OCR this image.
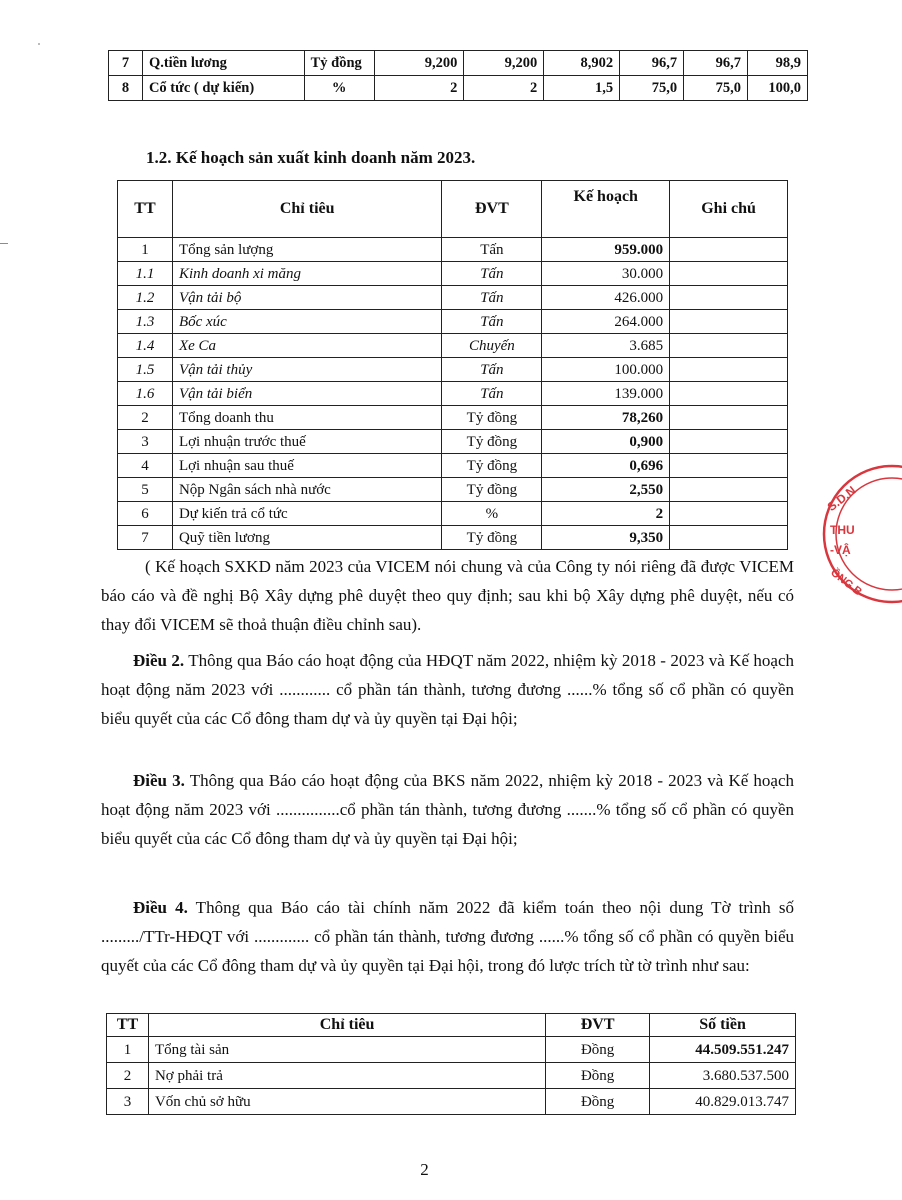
7	Q.tiền lương	Tỷ đồng	9,200	9,200	8,902	96,7	96,7	98,9
8	Cổ tức ( dự kiến)	%	2	2	1,5	75,0	75,0	100,0
1.2. Kế hoạch sản xuất kinh doanh năm 2023.
TT	Chỉ tiêu	ĐVT	Kế hoạch	Ghi chú
1	Tổng sản lượng	Tấn	959.000	
1.1	Kinh doanh xi măng	Tấn	30.000	
1.2	Vận tải bộ	Tấn	426.000	
1.3	Bốc xúc	Tấn	264.000	
1.4	Xe Ca	Chuyến	3.685	
1.5	Vận tải thủy	Tấn	100.000	
1.6	Vận tải biển	Tấn	139.000	
2	Tổng doanh thu	Tỷ đồng	78,260	
3	Lợi nhuận trước thuế	Tỷ đồng	0,900	
4	Lợi nhuận sau thuế	Tỷ đồng	0,696	
5	Nộp Ngân sách nhà nước	Tỷ đồng	2,550	
6	Dự kiến trả cổ tức	%	2	
7	Quỹ tiền lương	Tỷ đồng	9,350	
( Kế hoạch SXKD năm 2023 của VICEM nói chung và của Công ty nói riêng đã được VICEM báo cáo và đề nghị Bộ Xây dựng phê duyệt theo quy định; sau khi bộ Xây dựng phê duyệt, nếu có thay đổi VICEM sẽ thoả thuận điều chỉnh sau).
Điều 2. Thông qua Báo cáo hoạt động của HĐQT năm 2022, nhiệm kỳ 2018 - 2023 và Kế hoạch hoạt động năm 2023 với ............ cổ phần tán thành, tương đương ......% tổng số cổ phần có quyền biểu quyết của các Cổ đông tham dự và ủy quyền tại Đại hội;
Điều 3. Thông qua Báo cáo hoạt động của BKS năm 2022, nhiệm kỳ 2018 - 2023 và Kế hoạch hoạt động năm 2023 với ...............cổ phần tán thành, tương đương .......% tổng số cổ phần có quyền biểu quyết của các Cổ đông tham dự và ủy quyền tại Đại hội;
Điều 4. Thông qua Báo cáo tài chính năm 2022 đã kiểm toán theo nội dung Tờ trình số ........./TTr-HĐQT với ............. cổ phần tán thành, tương đương ......% tổng số cổ phần có quyền biểu quyết của các Cổ đông tham dự và ủy quyền tại Đại hội, trong đó lược trích từ tờ trình như sau:
TT	Chỉ tiêu	ĐVT	Số tiền
1	Tổng tài sản	Đồng	44.509.551.247
2	Nợ phải trả	Đồng	3.680.537.500
3	Vốn chủ sở hữu	Đồng	40.829.013.747
S.D.N
THU
-VẬ
ỒNG B
2
